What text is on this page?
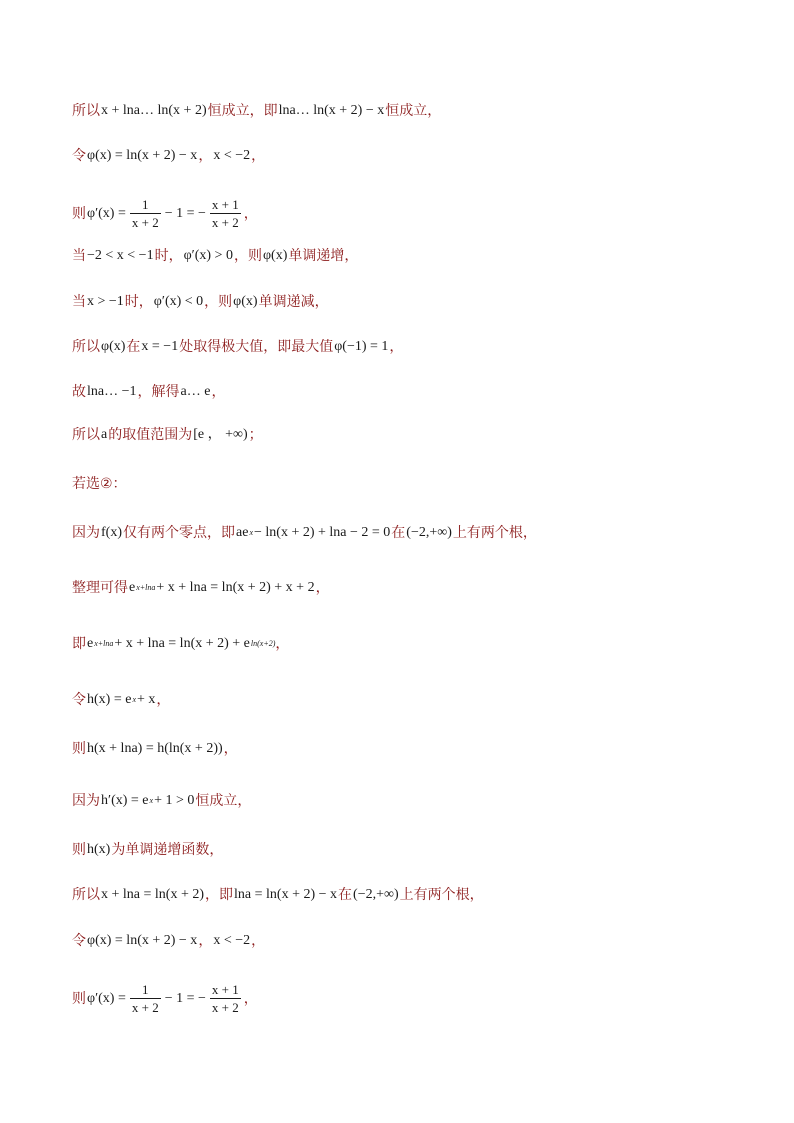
所以 x + lna… ln(x + 2) 恒成立，即 lna… ln(x + 2) − x 恒成立，
令 φ(x) = ln(x + 2) − x ， x < −2 ，
则 $\varphi'(x) = \frac{1}{x + 2} - 1$ = − $\frac{x + 1}{x + 2}$ ，
当 −2 < x < −1 时， φ′(x) > 0 ，则 φ(x) 单调递增，
当 x > −1 时， φ′(x) < 0 ，则 φ(x) 单调递减，
所以 φ(x) 在 x = −1 处取得极大值，即最大值 φ(−1) = 1 ，
故 lna… −1 ，解得 a… e ，
所以 a 的取值范围为 [e ， +∞) ；
若选②：
因为 f(x) 仅有两个零点，即 ae x − ln(x + 2) + lna − 2 = 0 在 (−2,+∞) 上有两个根，
整理可得 e x+lna + x + lna = ln(x + 2) + x + 2 ，
即 e x+lna + x + lna = ln(x + 2) + e ln(x+2) ，
令 h(x) = e x + x ，
则 h(x + lna) = h(ln(x + 2)) ，
因为 h′(x) = e x + 1 > 0 恒成立，
则 h(x) 为单调递增函数，
所以 x + lna = ln(x + 2) ，即 lna = ln(x + 2) − x 在 (−2,+∞) 上有两个根，
令 φ(x) = ln(x + 2) − x ， x < −2 ，
则 $\varphi'(x) = \frac{1}{x + 2} - 1$ = − $\frac{x + 1}{x + 2}$ ，
